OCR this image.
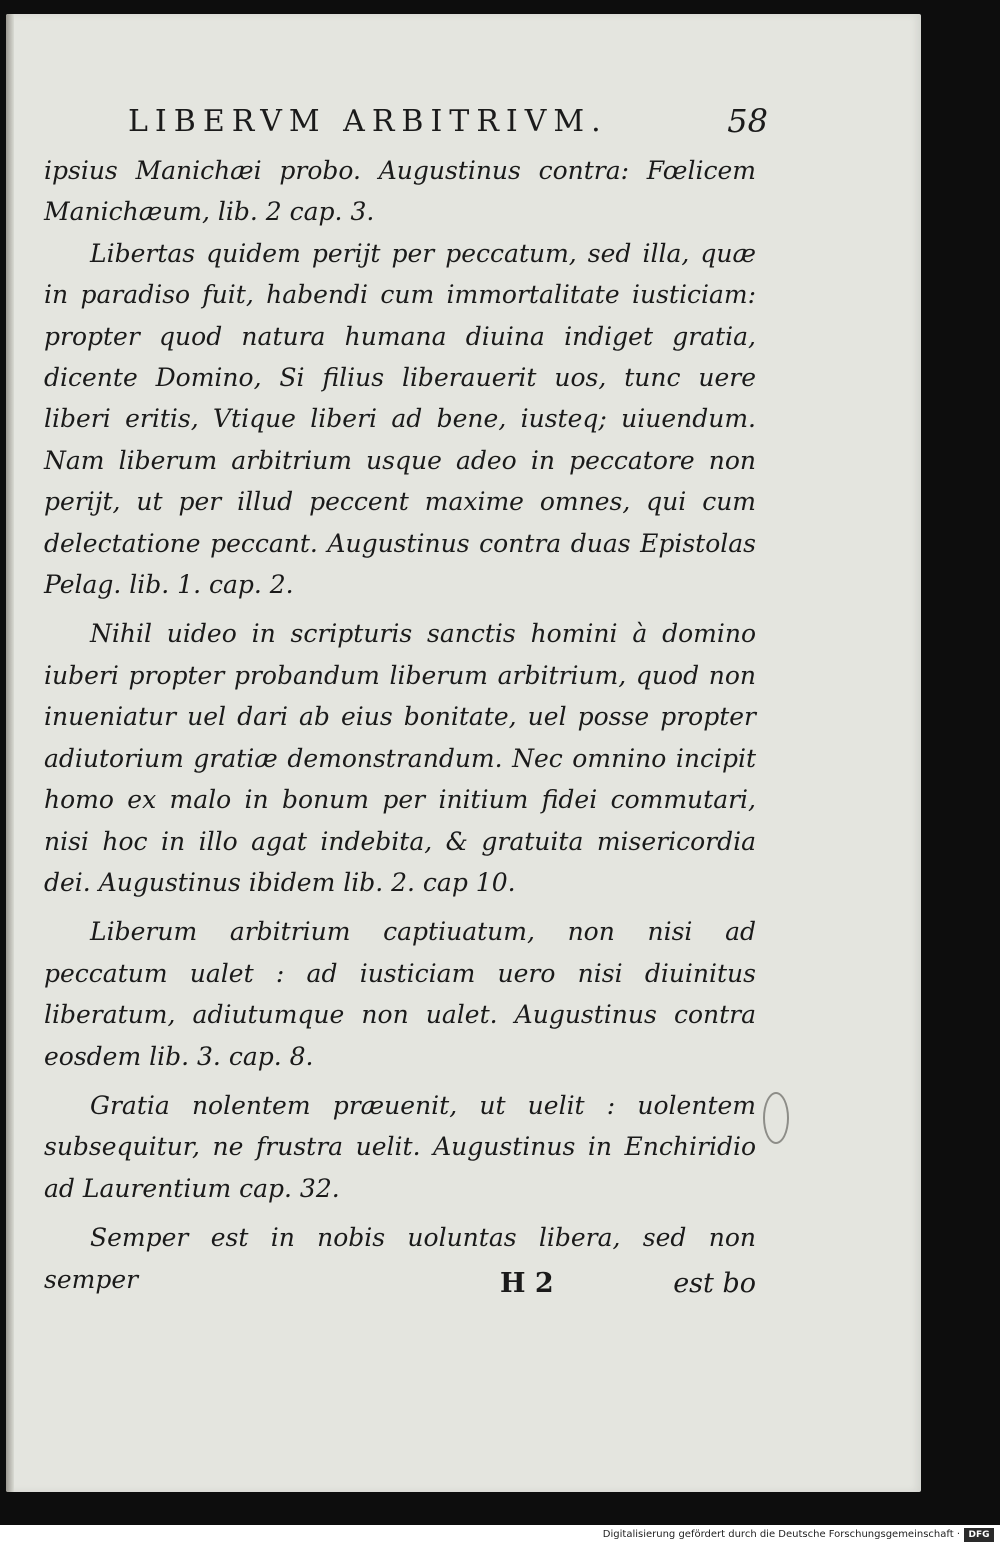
LIBERVM ARBITRIVM.	58

ipsius Manichæi probo. Augustinus contra: Fœlicem Manichæum, lib. 2 cap. 3.

Libertas quidem perijt per peccatum, sed illa, quæ in paradiso fuit, habendi cum immortalitate iusticiam: propter quod natura humana diuina indiget gratia, dicente Domino, Si filius liberauerit uos, tunc uere liberi eritis, Vtique liberi ad bene, iusteq; uiuendum. Nam liberum arbitrium usque adeo in peccatore non perijt, ut per illud peccent maxime omnes, qui cum delectatione peccant. Augustinus contra duas Epistolas Pelag. lib. 1. cap. 2.

Nihil uideo in scripturis sanctis homini à domino iuberi propter probandum liberum arbitrium, quod non inueniatur uel dari ab eius bonitate, uel posse propter adiutorium gratiæ demonstrandum. Nec omnino incipit homo ex malo in bonum per initium fidei commutari, nisi hoc in illo agat indebita, & gratuita misericordia dei. Augustinus ibidem lib. 2. cap 10.

Liberum arbitrium captiuatum, non nisi ad peccatum ualet : ad iusticiam uero nisi diuinitus liberatum, adiutumque non ualet. Augustinus contra eosdem lib. 3. cap. 8.

Gratia nolentem præuenit, ut uelit : uolentem subsequitur, ne frustra uelit. Augustinus in Enchiridio ad Laurentium cap. 32.

Semper est in nobis uoluntas libera, sed non semper	H 2	est bo
Digitalisierung gefördert durch die Deutsche Forschungsgemeinschaft · DFG
